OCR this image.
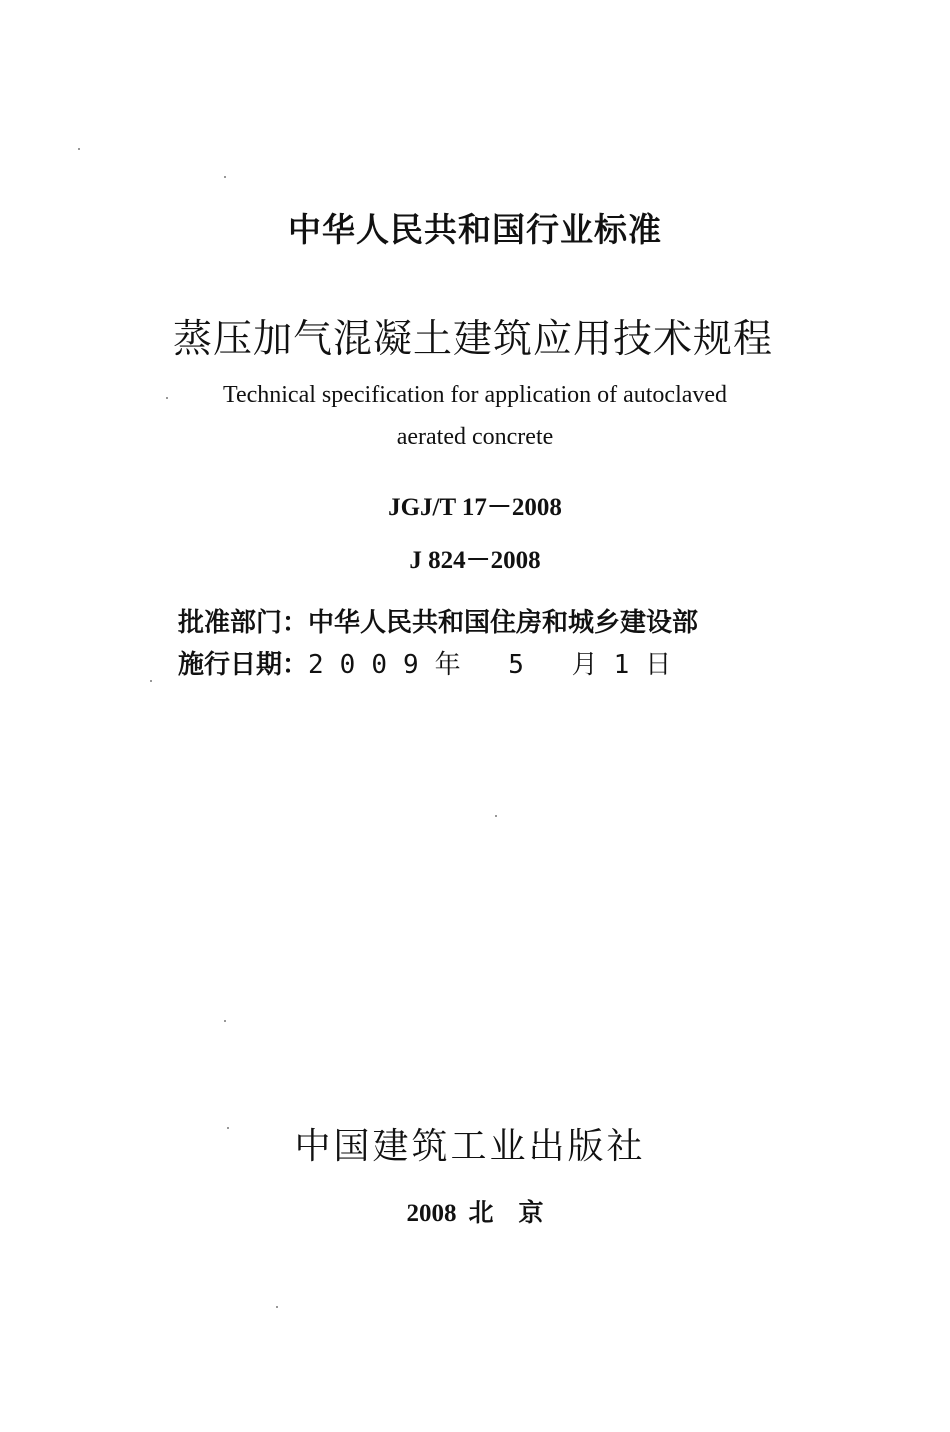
中华人民共和国行业标准
蒸压加气混凝土建筑应用技术规程
Technical specification for application of autoclaved
aerated concrete
JGJ/T 17－2008
J 824－2008
批准部门：中华人民共和国住房和城乡建设部
施行日期：2009年 5 月1日
中国建筑工业出版社
2008 北　京
